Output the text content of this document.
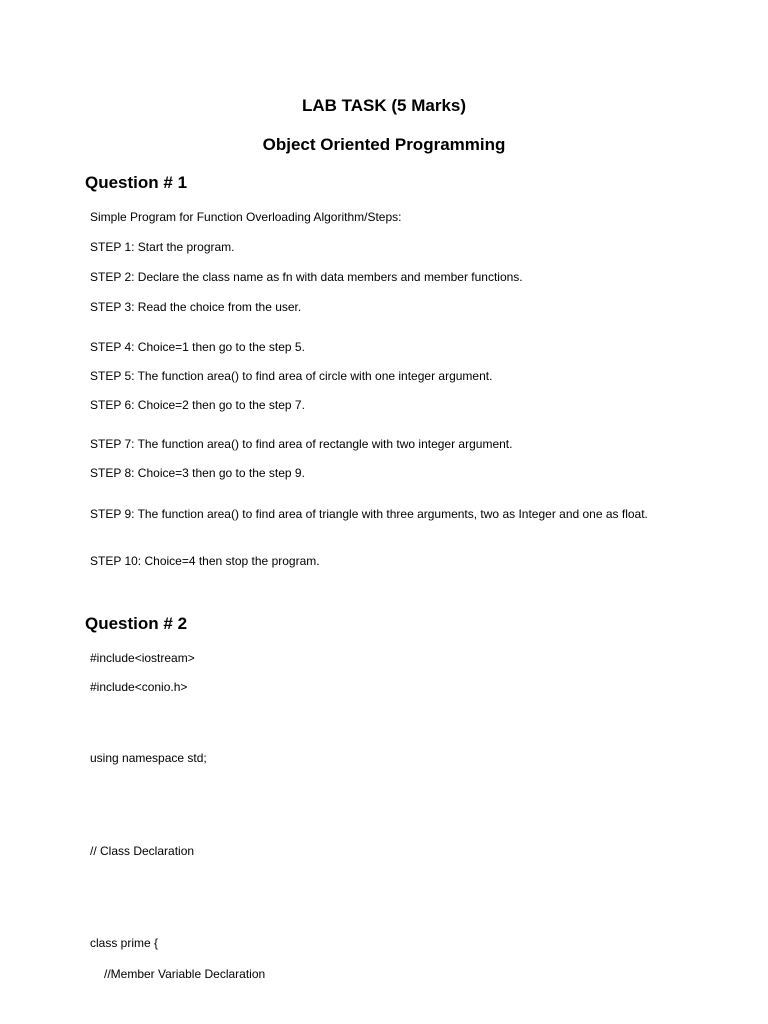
LAB TASK (5 Marks)
Object Oriented Programming
Question # 1
Simple Program for Function Overloading Algorithm/Steps:
STEP 1: Start the program.
STEP 2: Declare the class name as fn with data members and member functions.
STEP 3: Read the choice from the user.
STEP 4: Choice=1 then go to the step 5.
STEP 5: The function area() to find area of circle with one integer argument.
STEP 6: Choice=2 then go to the step 7.
STEP 7: The function area() to find area of rectangle with two integer argument.
STEP 8: Choice=3 then go to the step 9.
STEP 9: The function area() to find area of triangle with three arguments, two as Integer and one as float.
STEP 10: Choice=4 then stop the program.
Question # 2
#include<iostream>
#include<conio.h>
using namespace std;
// Class Declaration
class prime {
//Member Variable Declaration
